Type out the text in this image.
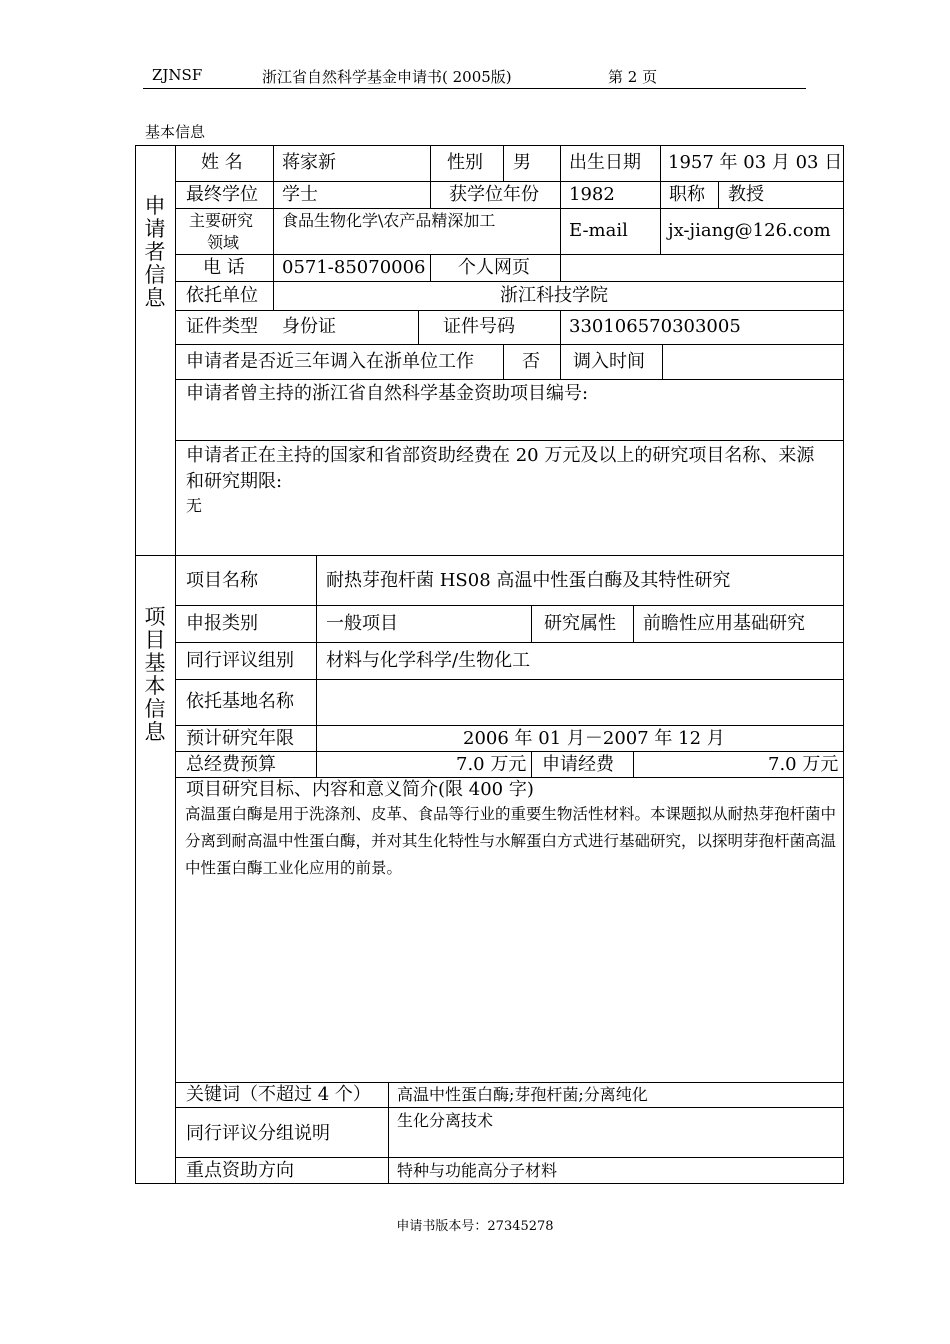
ZJNSF	浙江省自然科学基金申请书( 2005版)	第 2 页
基本信息
申
请
者
信
息
姓 名 蒋家新	性别 男 出生日期 1957 年 03 月 03 日
最终学位 学士	获学位年份 1982	职称 教授
主要研究
领域
食品生物化学\农产品精深加工	E-mail jx-jiang@126.com
电 话 0571-85070006 个人网页
依托单位	浙江科技学院
证件类型 身份证	证件号码	330106570303005
申请者是否近三年调入在浙单位工作	否 调入时间
申请者曾主持的浙江省自然科学基金资助项目编号:
申请者正在主持的国家和省部资助经费在 20 万元及以上的研究项目名称、来源
和研究期限:
无
项
目
基
本
信
息
项目名称	耐热芽孢杆菌 HS08 高温中性蛋白酶及其特性研究
申报类别	一般项目	研究属性 前瞻性应用基础研究
同行评议组别 材料与化学科学/生物化工
依托基地名称
预计研究年限	2006 年 01 月－2007 年 12 月
总经费预算	7.0 万元 申请经费	7.0 万元
项目研究目标、内容和意义简介(限 400 字)
高温蛋白酶是用于洗涤剂、皮革、食品等行业的重要生物活性材料。本课题拟从耐热芽孢杆菌中分离到耐高温中性蛋白酶，并对其生化特性与水解蛋白方式进行基础研究，以探明芽孢杆菌高温中性蛋白酶工业化应用的前景。
关键词（不超过 4 个） 高温中性蛋白酶;芽孢杆菌;分离纯化
同行评议分组说明
生化分离技术
重点资助方向	特种与功能高分子材料
申请书版本号：27345278
